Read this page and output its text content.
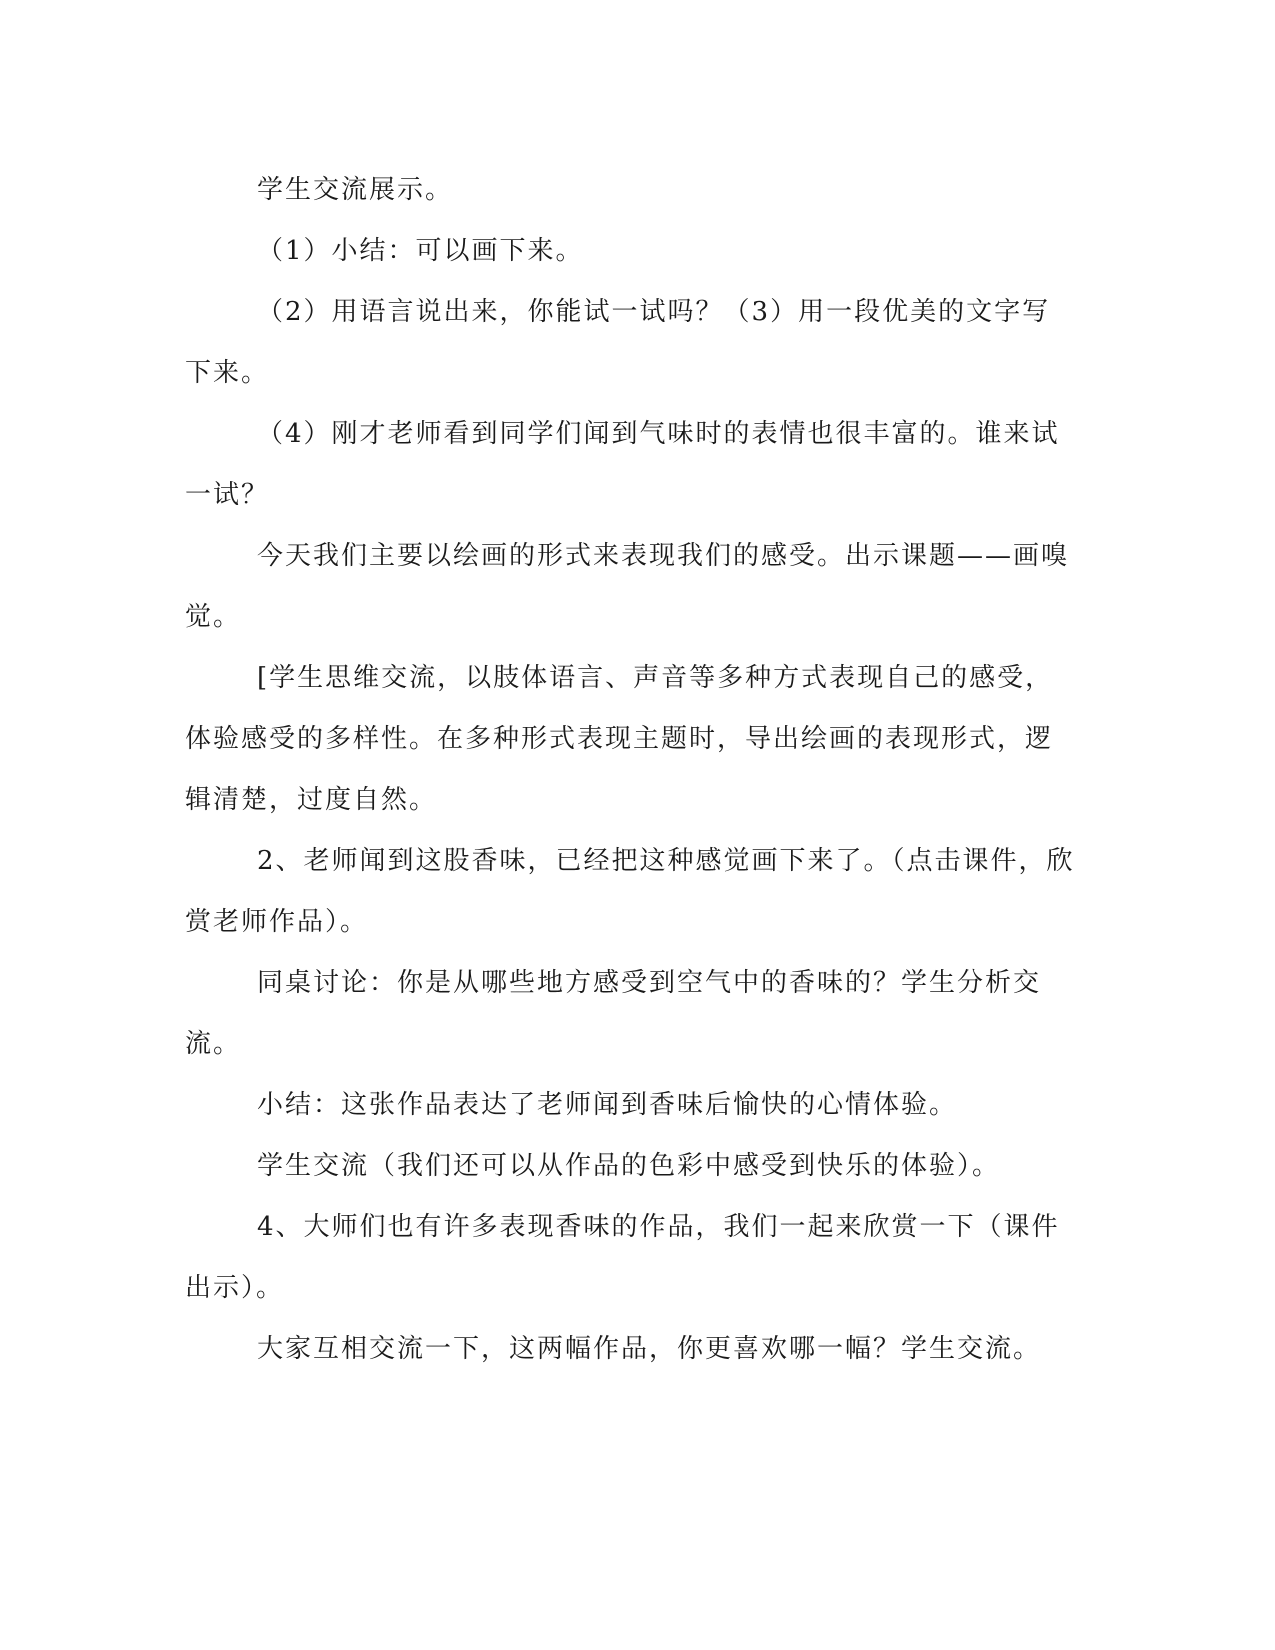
学生交流展示。

（1）小结：可以画下来。

（2）用语言说出来，你能试一试吗？（3）用一段优美的文字写下来。

（4）刚才老师看到同学们闻到气味时的表情也很丰富的。谁来试一试？

今天我们主要以绘画的形式来表现我们的感受。出示课题——画嗅觉。

[学生思维交流，以肢体语言、声音等多种方式表现自己的感受，体验感受的多样性。在多种形式表现主题时，导出绘画的表现形式，逻辑清楚，过度自然。

2、老师闻到这股香味，已经把这种感觉画下来了。（点击课件，欣赏老师作品）。

同桌讨论：你是从哪些地方感受到空气中的香味的？学生分析交流。

小结：这张作品表达了老师闻到香味后愉快的心情体验。

学生交流（我们还可以从作品的色彩中感受到快乐的体验）。

4、大师们也有许多表现香味的作品，我们一起来欣赏一下（课件出示）。

大家互相交流一下，这两幅作品，你更喜欢哪一幅？学生交流。
